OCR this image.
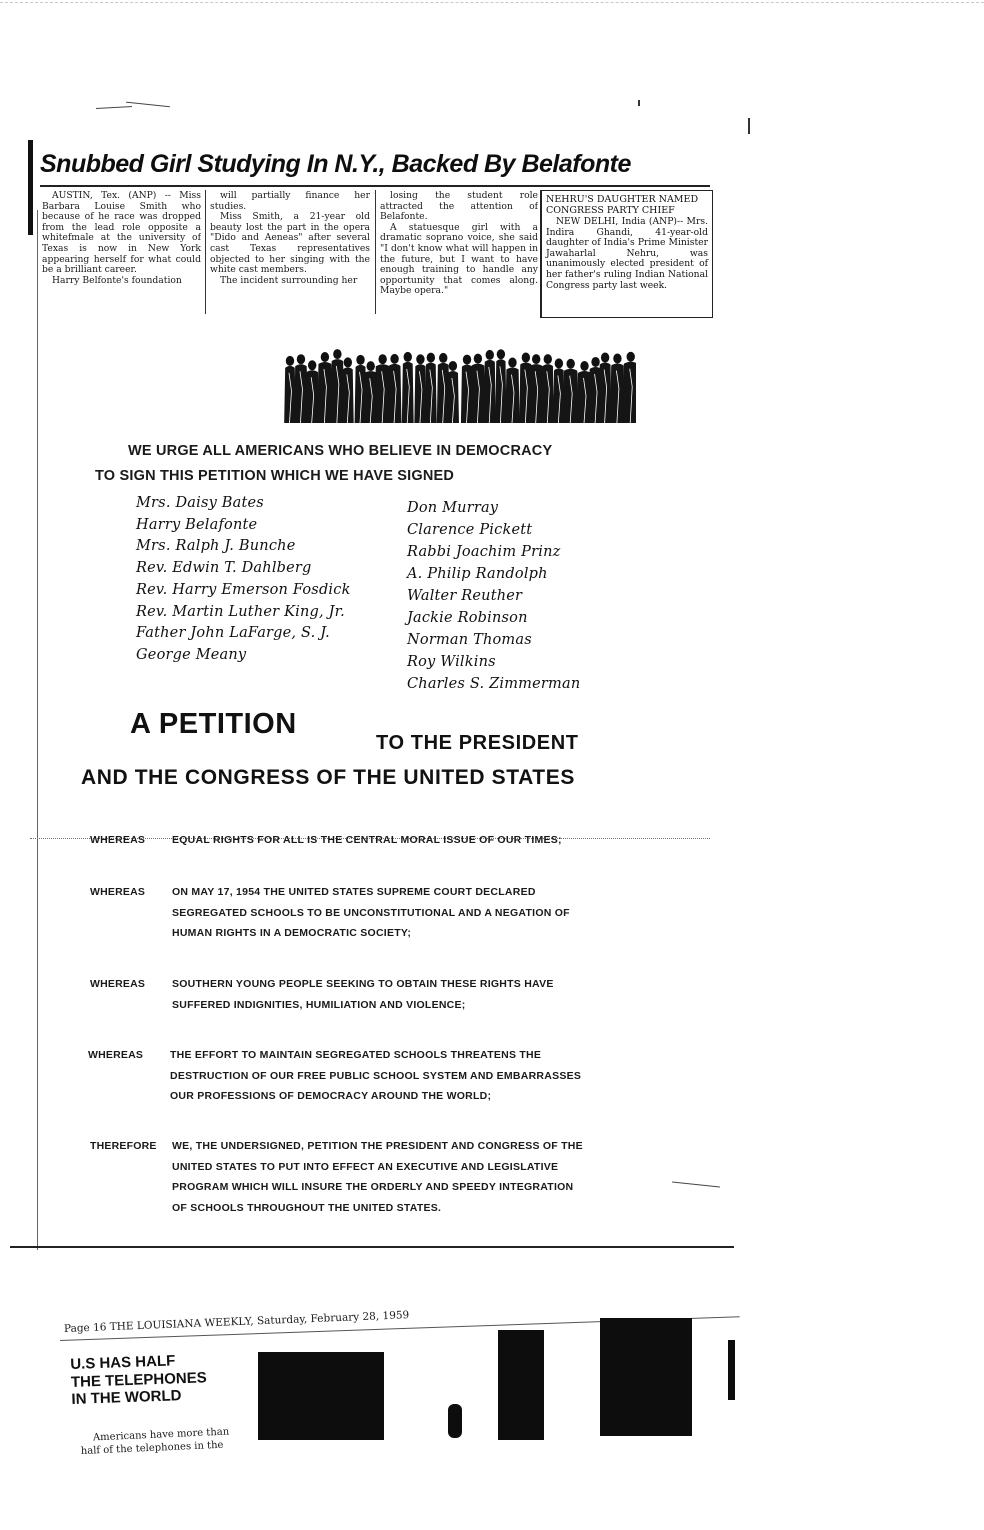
Snubbed Girl Studying In N.Y., Backed By Belafonte

AUSTIN, Tex. (ANP) -- Miss Barbara Louise Smith who because of he race was dropped from the lead role opposite a whitefmale at the university of Texas is now in New York appearing herself for what could be a brilliant career.

Harry Belfonte's foundation

will partially finance her studies.

Miss Smith, a 21-year old beauty lost the part in the opera "Dido and Aeneas" after several cast Texas representatives objected to her singing with the white cast members.

The incident surrounding her

losing the student role attracted the attention of Belafonte.

A statuesque girl with a dramatic soprano voice, she said "I don't know what will happen in the future, but I want to have enough training to handle any opportunity that comes along. Maybe opera."

NEHRU'S DAUGHTER NAMED CONGRESS PARTY CHIEF

NEW DELHI, India (ANP)-- Mrs. Indira Ghandi, 41-year-old daughter of India's Prime Minister Jawaharlal Nehru, was unanimously elected president of her father's ruling Indian National Congress party last week.

WE URGE ALL AMERICANS WHO BELIEVE IN DEMOCRACY
TO SIGN THIS PETITION WHICH WE HAVE SIGNED
Mrs. Daisy Bates
Harry Belafonte
Mrs. Ralph J. Bunche
Rev. Edwin T. Dahlberg
Rev. Harry Emerson Fosdick
Rev. Martin Luther King, Jr.
Father John LaFarge, S. J.
George Meany
Don Murray
Clarence Pickett
Rabbi Joachim Prinz
A. Philip Randolph
Walter Reuther
Jackie Robinson
Norman Thomas
Roy Wilkins
Charles S. Zimmerman
A PETITION
TO THE PRESIDENT
AND THE CONGRESS OF THE UNITED STATES
WHEREAS	EQUAL RIGHTS FOR ALL IS THE CENTRAL MORAL ISSUE OF OUR TIMES;
WHEREAS	ON MAY 17, 1954 THE UNITED STATES SUPREME COURT DECLARED
SEGREGATED SCHOOLS TO BE UNCONSTITUTIONAL AND A NEGATION OF
HUMAN RIGHTS IN A DEMOCRATIC SOCIETY;
WHEREAS	SOUTHERN YOUNG PEOPLE SEEKING TO OBTAIN THESE RIGHTS HAVE
SUFFERED INDIGNITIES, HUMILIATION AND VIOLENCE;
WHEREAS	THE EFFORT TO MAINTAIN SEGREGATED SCHOOLS THREATENS THE
DESTRUCTION OF OUR FREE PUBLIC SCHOOL SYSTEM AND EMBARRASSES
OUR PROFESSIONS OF DEMOCRACY AROUND THE WORLD;
THEREFORE WE, THE UNDERSIGNED, PETITION THE PRESIDENT AND CONGRESS OF THE
UNITED STATES TO PUT INTO EFFECT AN EXECUTIVE AND LEGISLATIVE
PROGRAM WHICH WILL INSURE THE ORDERLY AND SPEEDY INTEGRATION
OF SCHOOLS THROUGHOUT THE UNITED STATES.
Page 16 THE LOUISIANA WEEKLY, Saturday, February 28, 1959
U.S HAS HALF
THE TELEPHONES
IN THE WORLD
Americans have more than
half of the telephones in the
